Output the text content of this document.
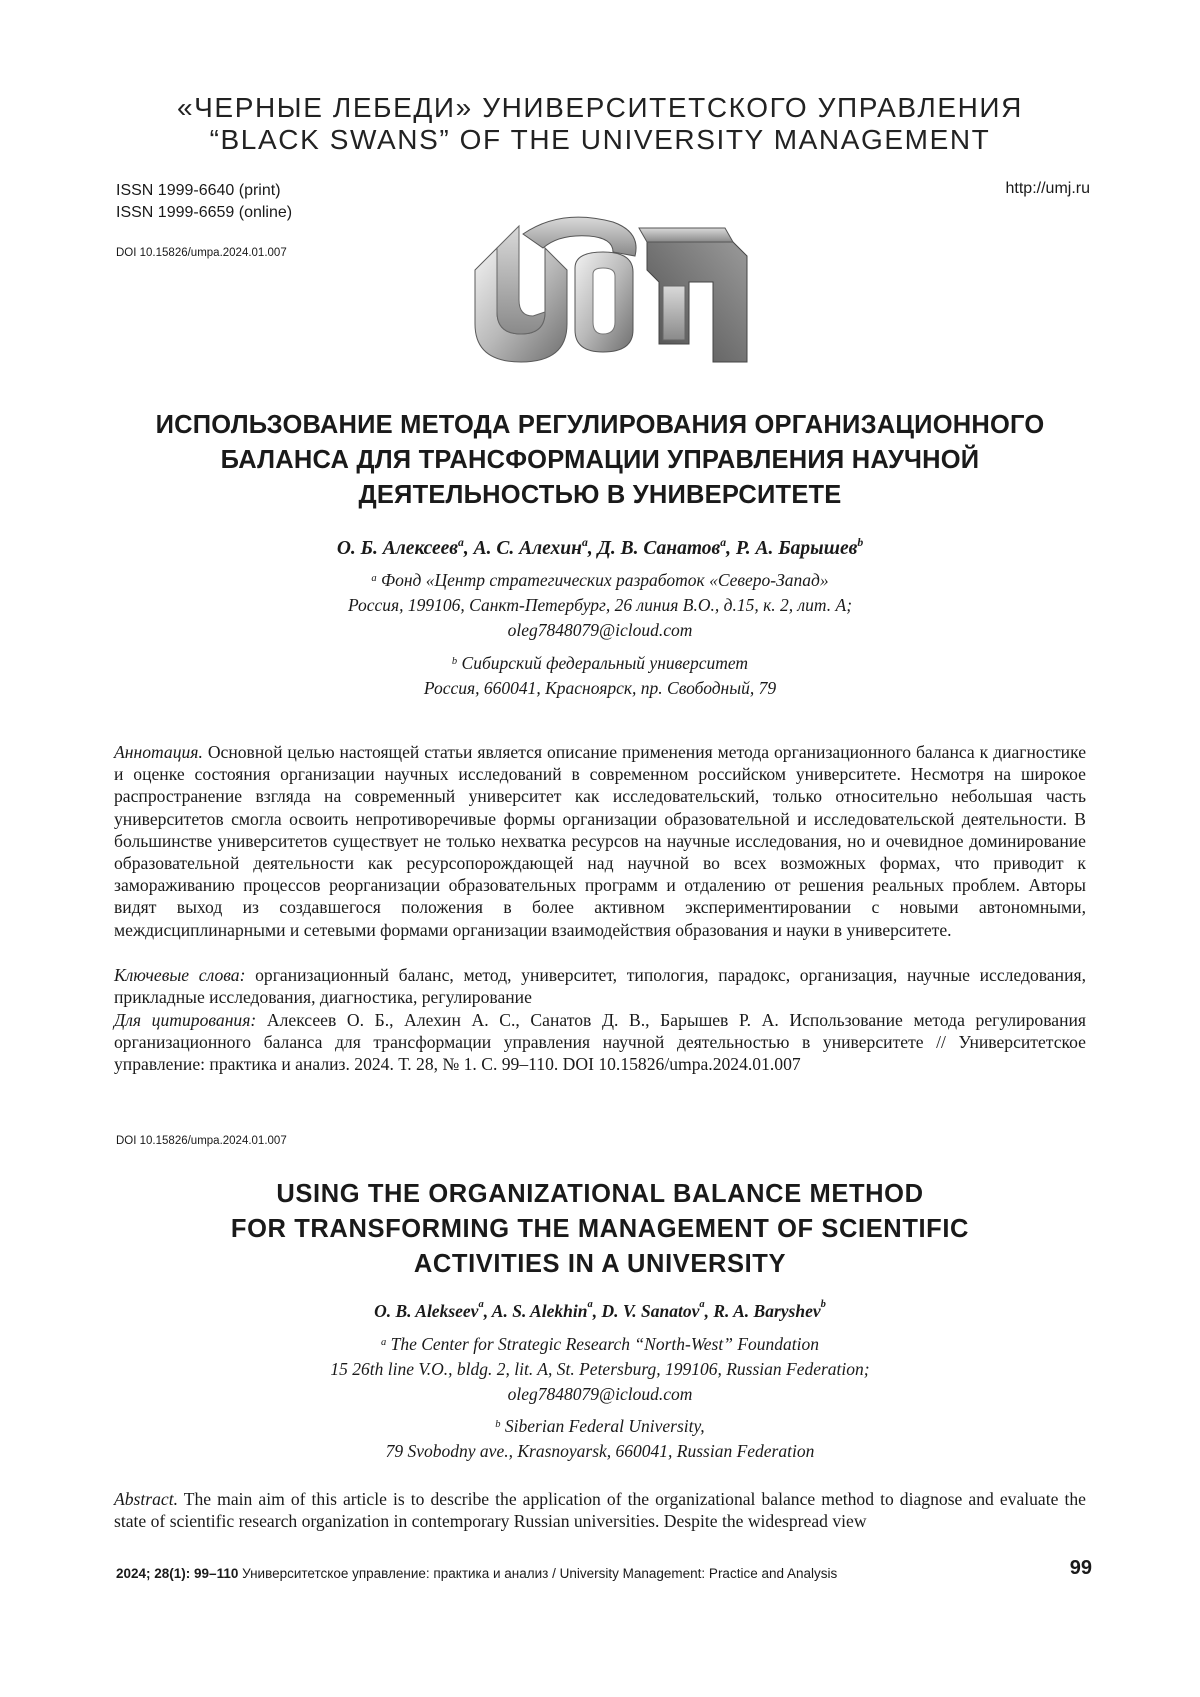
«ЧЕРНЫЕ ЛЕБЕДИ» УНИВЕРСИТЕТСКОГО УПРАВЛЕНИЯ
“BLACK SWANS” OF THE UNIVERSITY MANAGEMENT
ISSN 1999-6640 (print)
ISSN 1999-6659 (online)
http://umj.ru
DOI 10.15826/umpa.2024.01.007
ИСПОЛЬЗОВАНИЕ МЕТОДА РЕГУЛИРОВАНИЯ ОРГАНИЗАЦИОННОГО
БАЛАНСА ДЛЯ ТРАНСФОРМАЦИИ УПРАВЛЕНИЯ НАУЧНОЙ
ДЕЯТЕЛЬНОСТЬЮ В УНИВЕРСИТЕТЕ
О. Б. Алексеев$^a$, А. С. Алехин$^a$, Д. В. Санатов$^a$, Р. А. Барышев$^b$
$^a$ Фонд «Центр стратегических разработок «Северо-Запад»
Россия, 199106, Санкт-Петербург, 26 линия В.О., д.15, к. 2, лит. А;
oleg7848079@icloud.com
$^b$ Сибирский федеральный университет
Россия, 660041, Красноярск, пр. Свободный, 79
Аннотация. Основной целью настоящей статьи является описание применения метода организационного баланса к диагностике и оценке состояния организации научных исследований в современном российском университете. Несмотря на широкое распространение взгляда на современный университет как исследовательский, только относительно небольшая часть университетов смогла освоить непротиворечивые формы организации образовательной и исследовательской деятельности. В большинстве университетов существует не только нехватка ресурсов на научные исследования, но и очевидное доминирование образовательной деятельности как ресурсопорождающей над научной во всех возможных формах, что приводит к замораживанию процессов реорганизации образовательных программ и отдалению от решения реальных проблем. Авторы видят выход из создавшегося положения в более активном экспериментировании с новыми автономными, междисциплинарными и сетевыми формами организации взаимодействия образования и науки в университете.
Ключевые слова: организационный баланс, метод, университет, типология, парадокс, организация, научные исследования, прикладные исследования, диагностика, регулирование
Для цитирования: Алексеев О. Б., Алехин А. С., Санатов Д. В., Барышев Р. А. Использование метода регулирования организационного баланса для трансформации управления научной деятельностью в университете // Университетское управление: практика и анализ. 2024. Т. 28, № 1. С. 99–110. DOI 10.15826/umpa.2024.01.007
DOI 10.15826/umpa.2024.01.007
USING THE ORGANIZATIONAL BALANCE METHOD
FOR TRANSFORMING THE MANAGEMENT OF SCIENTIFIC
ACTIVITIES IN A UNIVERSITY
O. B. Alekseev$^a$, A. S. Alekhin$^a$, D. V. Sanatov$^a$, R. A. Baryshev$^b$
$^a$ The Center for Strategic Research “North-West” Foundation
15 26th line V.O., bldg. 2, lit. A, St. Petersburg, 199106, Russian Federation;
oleg7848079@icloud.com
$^b$ Siberian Federal University,
79 Svobodny ave., Krasnoyarsk, 660041, Russian Federation
Abstract. The main aim of this article is to describe the application of the organizational balance method to diagnose and evaluate the state of scientific research organization in contemporary Russian universities. Despite the widespread view
2024; 28(1): 99–110 Университетское управление: практика и анализ / University Management: Practice and Analysis	99
